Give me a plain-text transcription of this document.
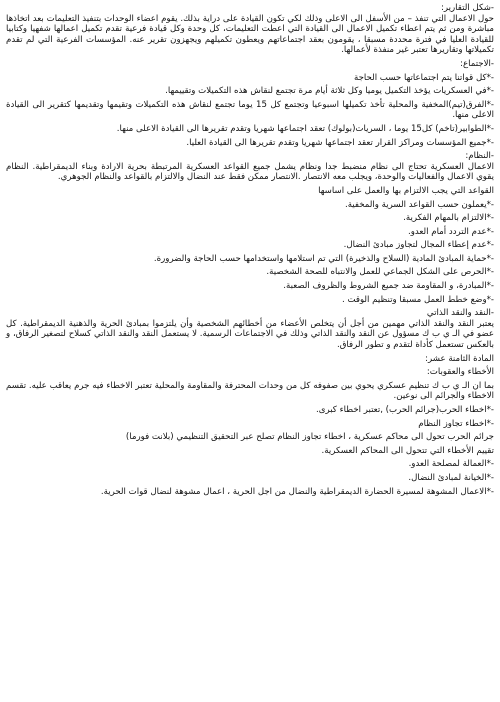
-شكل التقارير:

حول الاعمال التي تنفذ – من الأسفل الى الاعلى وذلك لكي تكون القيادة على دراية بذلك. يقوم اعضاء الوحدات بتنفيذ التعليمات بعد اتخاذها مباشرة ومن ثم يتم اعطاء تكميل الاعمال الى القيادة التي اعطت التعليمات، كل وحدة وكل قيادة فرعية تقدم تكميل اعمالها شفهيا وكتابيا للقيادة العليا في فترة محددة مسبقا ، يقومون بعقد اجتماعاتهم ويعطون تكميلهم ويجهزون تقرير عنه. المؤسسات الفرعية التي لم تقدم تكميلاتها وتقاريرها تعتبر غير منفذة لأعمالها.

-الاجتماع:

-*كل قواتنا يتم اجتماعاتها حسب الحاجة

-*في العسكريات يؤخذ التكميل يوميا وكل ثلاثة أيام مرة تجتمع لنقاش هذه التكميلات وتقييمها.

-*الفرق(تيم)المخفية والمحلية تأخذ تكميلها اسبوعيا وتجتمع كل 15 يوما تجتمع لنقاش هذه التكميلات وتقيمها وتقديمها كتقرير الى القيادة الاعلى منها.

-*الطوابير(تاخم) كل15 يوما ، السريات(بولوك) تعقد اجتماعها شهريا وتقدم تقريرها الى القيادة الاعلى منها.

-*جميع المؤسسات ومراكز القرار تعقد اجتماعها شهريا وتقدم تقريرها الى القيادة العليا.

-النظام:

الاعمال العسكرية تحتاج الى نظام منضبط جدا ونظام يشمل جميع القواعد العسكرية المرتبطة بحرية الارادة وبناء الديمقراطية. النظام يقوي الاعمال والفعاليات والوحدة، ويجلب معه الانتصار .الانتصار ممكن فقط عند النضال والالتزام بالقواعد والنظام الجوهري.

القواعد التي يجب الالتزام بها والعمل على اساسها

-*يعملون حسب القواعد السرية والمخفية.

-*الالتزام بالمهام الفكرية.

-*عدم التردد أمام العدو.

-*عدم إعطاء المجال لتجاوز مبادئ النضال.

-*حماية المبادئ المادية (السلاح والذخيرة) التي تم استلامها واستخدامها حسب الحاجة والضرورة.

-*الحرص على الشكل الجماعي للعمل والانتباه للصحة الشخصية.

-*المبادرة، و المقاومة ضد جميع الشروط والظروف الصعبة.

-*وضع خطط العمل مسبقا وتنظيم الوقت .

-النقد والنقد الذاتي

يعتبر النقد والنقد الذاتي مهمين من أجل أن يتخلص الأعضاء من أخطائهم الشخصية وأن يلتزموا بمبادئ الحرية والذهنية الديمقراطية. كل عضو في الـ ي ب ك مسؤول عن النقد والنقد الذاتي وذلك في الاجتماعات الرسمية. لا يستعمل النقد والنقد الذاتي كسلاح لتصغير الرفاق، و بالعكس تستعمل كأداة لتقدم و تطور الرفاق.

المادة الثامنة عشر:

الأخطاء والعقوبات:

بما ان الـ ي ب ك تنظيم عسكري يحوي بين صفوفه كل من وحدات المحترفة والمقاومة والمحلية تعتبر الاخطاء فيه جرم يعاقب عليه. تقسم الاخطاء والجرائم الى نوعين.

-*اخطاء الحرب(جرائم الحرب) ,تعتبر اخطاء كبرى.

-*اخطاء تجاوز النظام

جرائم الحرب تحول الى محاكم عسكرية ، اخطاء تجاوز النظام تصلح عبر التحقيق التنظيمي (بلانت فورما)

تقييم الأخطاء التي تتحول الى المحاكم العسكرية.

-*العمالة لمصلحة العدو.

-*الخيانة لمبادئ النضال.

-*الاعمال المشوهة لمسيرة الحضارة الديمقراطية والنضال من اجل الحرية ، اعمال مشوهة لنضال قوات الحرية.
